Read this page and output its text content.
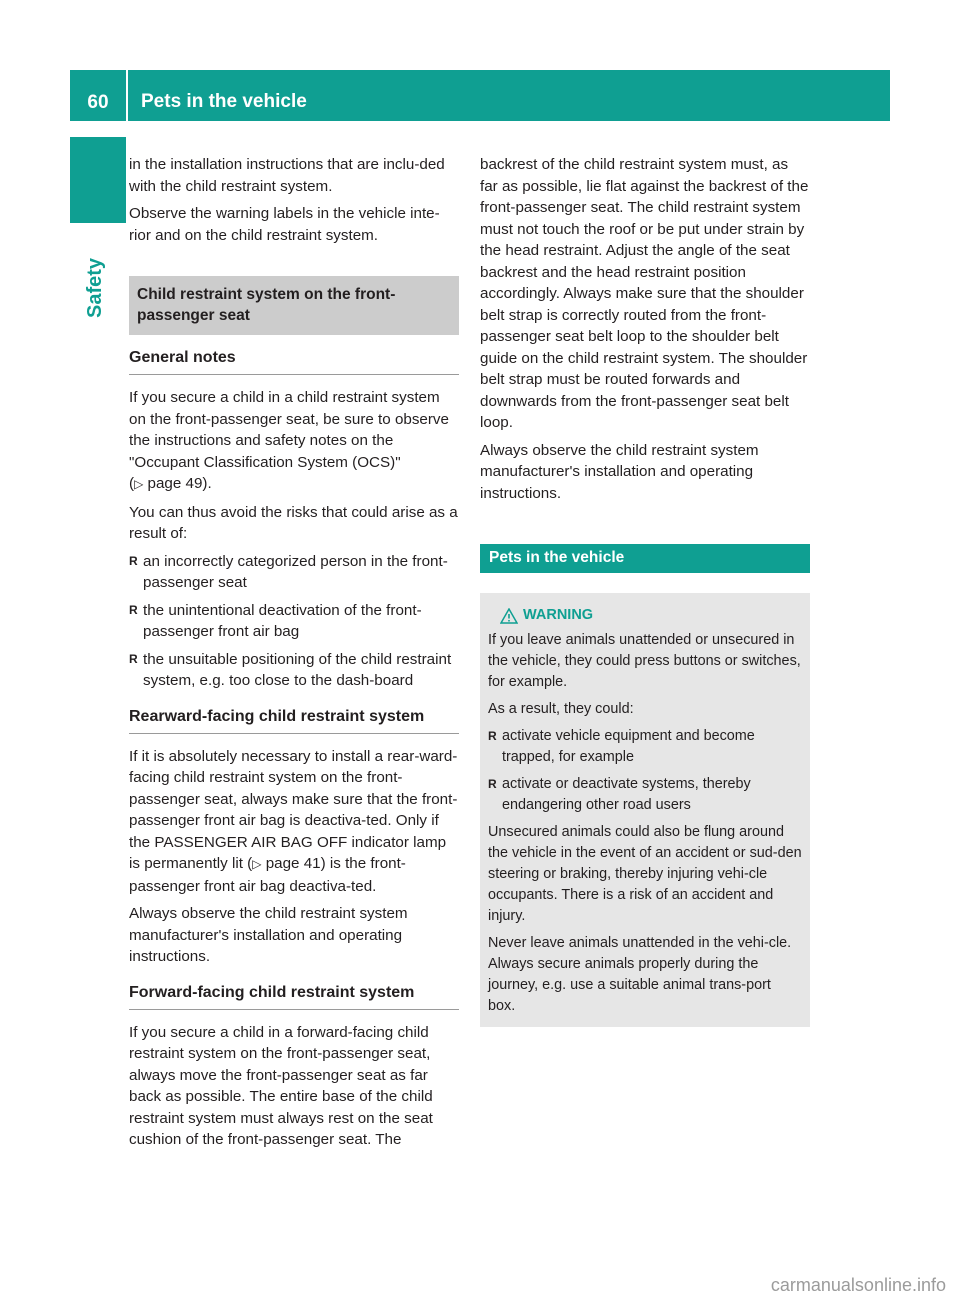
60	Pets in the vehicle
Safety

in the installation instructions that are inclu-ded with the child restraint system.

Observe the warning labels in the vehicle inte-rior and on the child restraint system.

Child restraint system on the front-passenger seat
General notes

If you secure a child in a child restraint system on the front-passenger seat, be sure to observe the instructions and safety notes on the "Occupant Classification System (OCS)"
(▷ page 49).

You can thus avoid the risks that could arise as a result of:

R an incorrectly categorized person in the front-passenger seat
R the unintentional deactivation of the front-passenger front air bag
R the unsuitable positioning of the child restraint system, e.g. too close to the dash-board
Rearward-facing child restraint system

If it is absolutely necessary to install a rear-ward-facing child restraint system on the front-passenger seat, always make sure that the front-passenger front air bag is deactiva-ted. Only if the PASSENGER AIR BAG OFF indicator lamp is permanently lit (▷ page 41) is the front-passenger front air bag deactiva-ted.

Always observe the child restraint system manufacturer's installation and operating instructions.

Forward-facing child restraint system

If you secure a child in a forward-facing child restraint system on the front-passenger seat, always move the front-passenger seat as far back as possible. The entire base of the child restraint system must always rest on the seat cushion of the front-passenger seat. The

backrest of the child restraint system must, as far as possible, lie flat against the backrest of the front-passenger seat. The child restraint system must not touch the roof or be put under strain by the head restraint. Adjust the angle of the seat backrest and the head restraint position accordingly. Always make sure that the shoulder belt strap is correctly routed from the front-passenger seat belt loop to the shoulder belt guide on the child restraint system. The shoulder belt strap must be routed forwards and downwards from the front-passenger seat belt loop.

Always observe the child restraint system manufacturer's installation and operating instructions.

Pets in the vehicle
WARNING

If you leave animals unattended or unsecured in the vehicle, they could press buttons or switches, for example.

As a result, they could:

R activate vehicle equipment and become trapped, for example
R activate or deactivate systems, thereby endangering other road users

Unsecured animals could also be flung around the vehicle in the event of an accident or sud-den steering or braking, thereby injuring vehi-cle occupants. There is a risk of an accident and injury.

Never leave animals unattended in the vehi-cle. Always secure animals properly during the journey, e.g. use a suitable animal trans-port box.

carmanualsonline.info
